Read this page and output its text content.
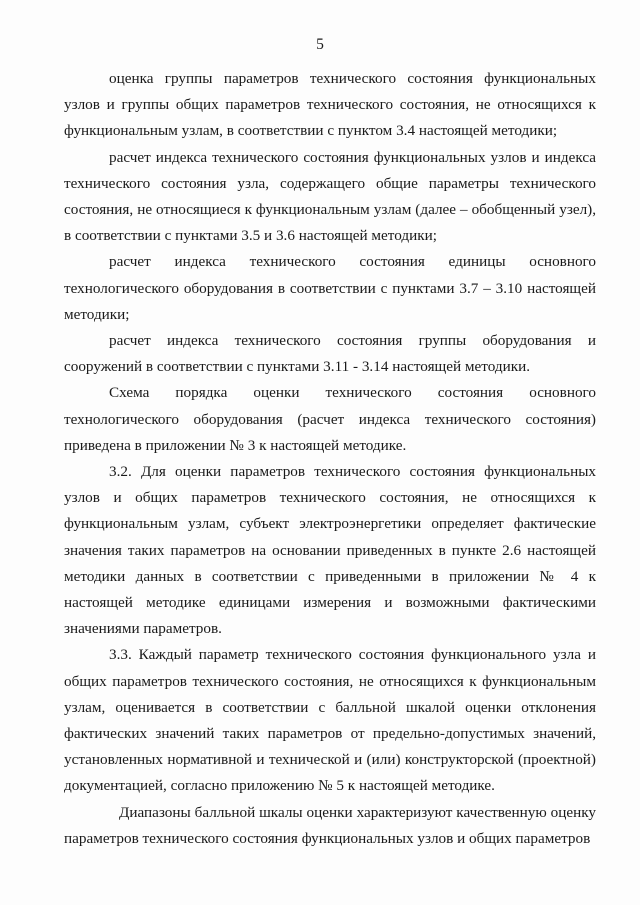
5

оценка группы параметров технического состояния функциональных узлов и группы общих параметров технического состояния, не относящихся к функциональным узлам, в соответствии с пунктом 3.4 настоящей методики;

расчет индекса технического состояния функциональных узлов и индекса технического состояния узла, содержащего общие параметры технического состояния, не относящиеся к функциональным узлам (далее – обобщенный узел), в соответствии с пунктами 3.5 и 3.6 настоящей методики;

расчет индекса технического состояния единицы основного технологического оборудования в соответствии с пунктами 3.7 – 3.10 настоящей методики;

расчет индекса технического состояния группы оборудования и сооружений в соответствии с пунктами 3.11 - 3.14 настоящей методики.

Схема порядка оценки технического состояния основного технологического оборудования (расчет индекса технического состояния) приведена в приложении № 3 к настоящей методике.

3.2. Для оценки параметров технического состояния функциональных узлов и общих параметров технического состояния, не относящихся к функциональным узлам, субъект электроэнергетики определяет фактические значения таких параметров на основании приведенных в пункте 2.6 настоящей методики данных в соответствии с приведенными в приложении № 4 к настоящей методике единицами измерения и возможными фактическими значениями параметров.

3.3. Каждый параметр технического состояния функционального узла и общих параметров технического состояния, не относящихся к функциональным узлам, оценивается в соответствии с балльной шкалой оценки отклонения фактических значений таких параметров от предельно-допустимых значений, установленных нормативной и технической и (или) конструкторской (проектной) документацией, согласно приложению № 5 к настоящей методике.

Диапазоны балльной шкалы оценки характеризуют качественную оценку параметров технического состояния функциональных узлов и общих параметров
